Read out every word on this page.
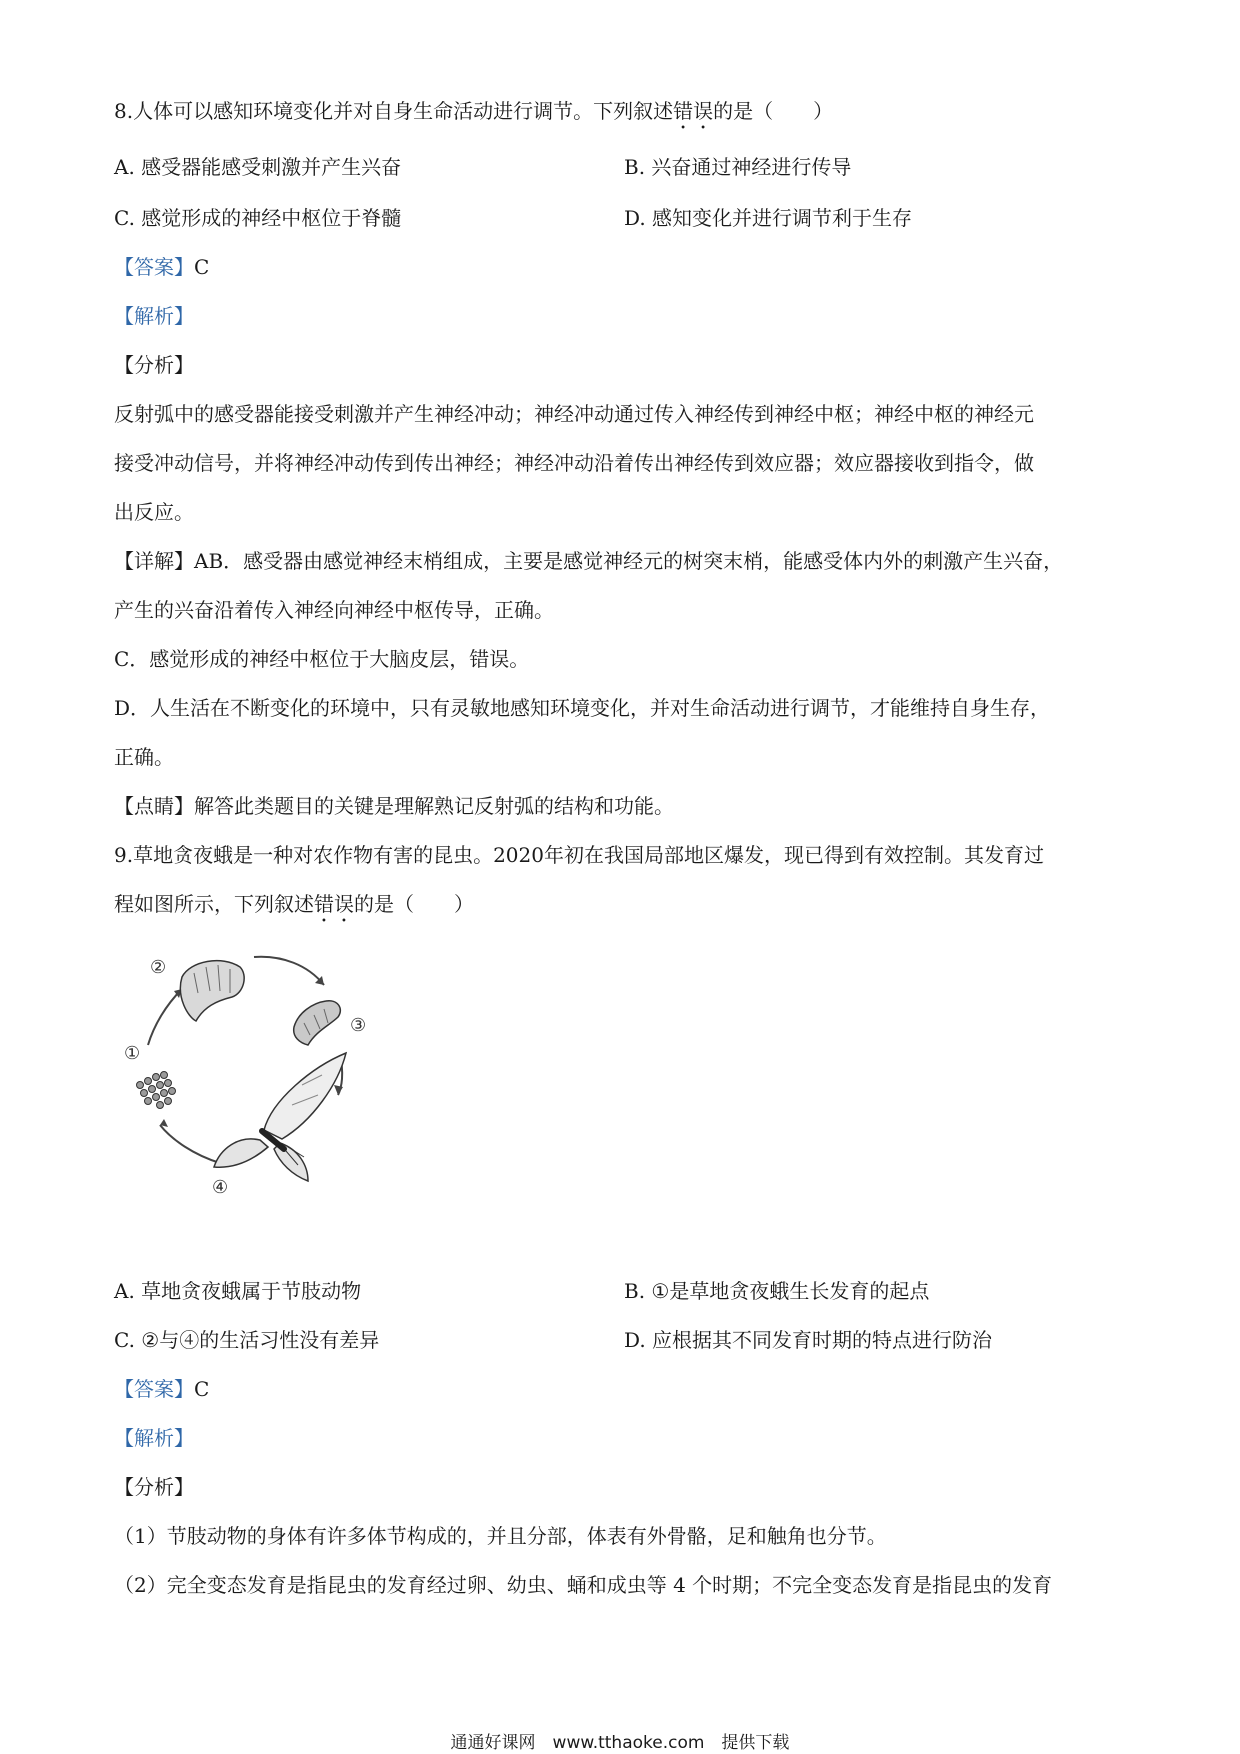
8.人体可以感知环境变化并对自身生命活动进行调节。下列叙述错误的是（　　）
A. 感受器能感受刺激并产生兴奋	B. 兴奋通过神经进行传导
C. 感觉形成的神经中枢位于脊髓	D. 感知变化并进行调节利于生存
【答案】C
【解析】
【分析】
反射弧中的感受器能接受刺激并产生神经冲动；神经冲动通过传入神经传到神经中枢；神经中枢的神经元
接受冲动信号，并将神经冲动传到传出神经；神经冲动沿着传出神经传到效应器；效应器接收到指令，做
出反应。
【详解】AB．感受器由感觉神经末梢组成，主要是感觉神经元的树突末梢，能感受体内外的刺激产生兴奋，
产生的兴奋沿着传入神经向神经中枢传导，正确。
C．感觉形成的神经中枢位于大脑皮层，错误。
D．人生活在不断变化的环境中，只有灵敏地感知环境变化，并对生命活动进行调节，才能维持自身生存，
正确。
【点睛】解答此类题目的关键是理解熟记反射弧的结构和功能。
9.草地贪夜蛾是一种对农作物有害的昆虫。2020年初在我国局部地区爆发，现已得到有效控制。其发育过
程如图所示，下列叙述错误的是（　　）
①
②
③
④
A. 草地贪夜蛾属于节肢动物	B. ①是草地贪夜蛾生长发育的起点
C. ②与④的生活习性没有差异	D. 应根据其不同发育时期的特点进行防治
【答案】C
【解析】
【分析】
（1）节肢动物的身体有许多体节构成的，并且分部，体表有外骨骼，足和触角也分节。
（2）完全变态发育是指昆虫的发育经过卵、幼虫、蛹和成虫等 4 个时期；不完全变态发育是指昆虫的发育
通通好课网　www.tthaoke.com　提供下载
